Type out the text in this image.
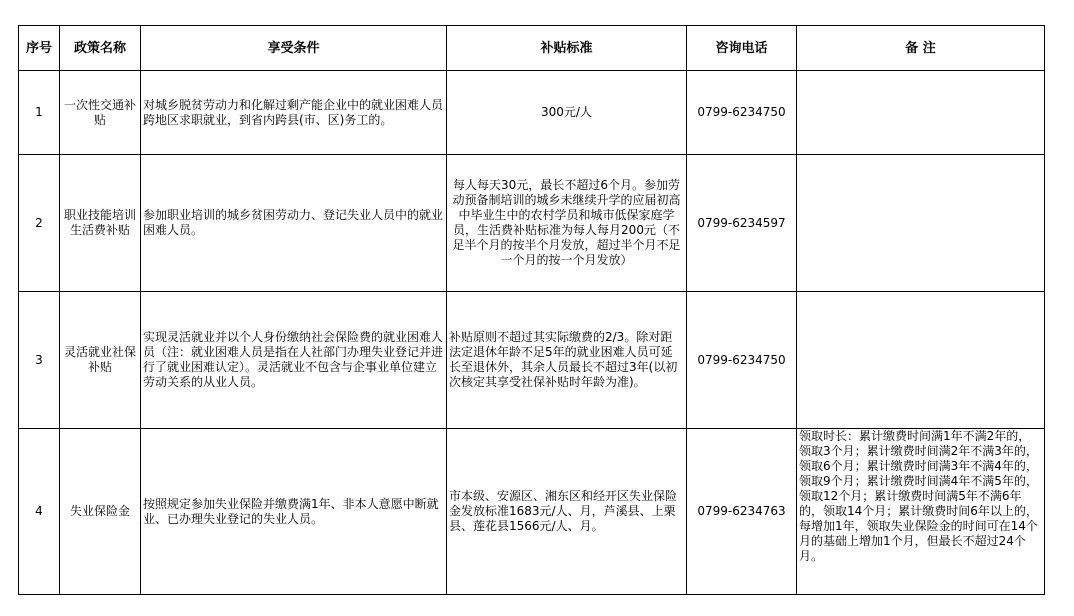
序号	政策名称	享受条件	补贴标准	咨询电话	备 注
1	一次性交通补贴	对城乡脱贫劳动力和化解过剩产能企业中的就业困难人员跨地区求职就业，到省内跨县(市、区)务工的。	300元/人	0799-6234750	
2	职业技能培训生活费补贴	参加职业培训的城乡贫困劳动力、登记失业人员中的就业困难人员。	每人每天30元，最长不超过6个月。参加劳动预备制培训的城乡未继续升学的应届初高中毕业生中的农村学员和城市低保家庭学员，生活费补贴标准为每人每月200元（不足半个月的按半个月发放，超过半个月不足一个月的按一个月发放）	0799-6234597	
3	灵活就业社保补贴	实现灵活就业并以个人身份缴纳社会保险费的就业困难人员（注：就业困难人员是指在人社部门办理失业登记并进行了就业困难认定）。灵活就业不包含与企事业单位建立劳动关系的从业人员。	补贴原则不超过其实际缴费的2/3。除对距法定退休年龄不足5年的就业困难人员可延长至退休外，其余人员最长不超过3年(以初次核定其享受社保补贴时年龄为准)。	0799-6234750	
4	失业保险金	按照规定参加失业保险并缴费满1年、非本人意愿中断就业、已办理失业登记的失业人员。	市本级、安源区、湘东区和经开区失业保险金发放标准1683元/人、月，芦溪县、上栗县、莲花县1566元/人、月。	0799-6234763	领取时长：累计缴费时间满1年不满2年的，领取3个月；累计缴费时间满2年不满3年的，领取6个月；累计缴费时间满3年不满4年的，领取9个月；累计缴费时间满4年不满5年的，领取12个月；累计缴费时间满5年不满6年的，领取14个月；累计缴费时间6年以上的，每增加1年，领取失业保险金的时间可在14个月的基础上增加1个月，但最长不超过24个月。
